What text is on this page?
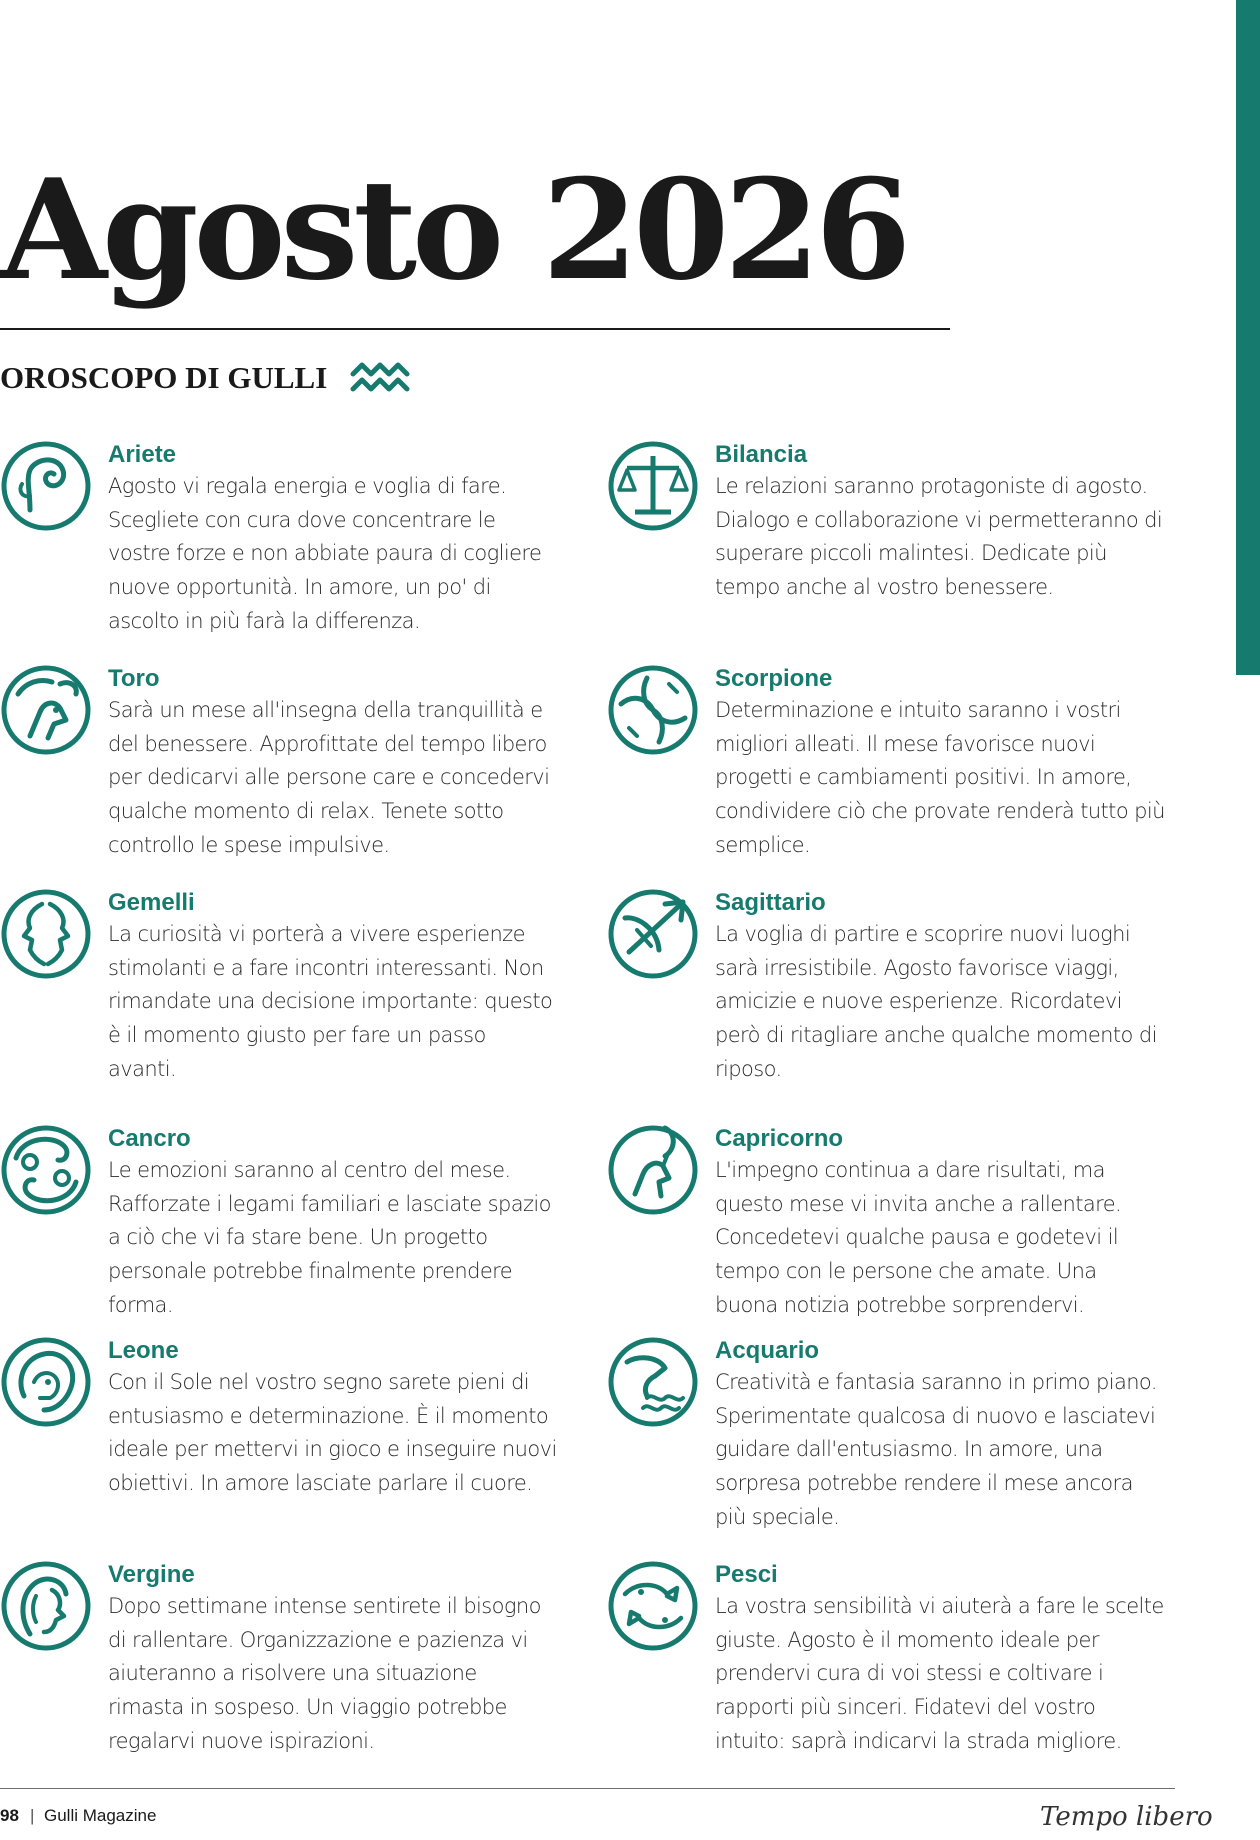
Agosto 2026
OROSCOPO DI GULLI
Ariete

Agosto vi regala energia e voglia di fare. Scegliete con cura dove concentrare le vostre forze e non abbiate paura di cogliere nuove opportunità. In amore, un po' di ascolto in più farà la differenza.

Toro

Sarà un mese all'insegna della tranquillità e del benessere. Approfittate del tempo libero per dedicarvi alle persone care e concedervi qualche momento di relax. Tenete sotto controllo le spese impulsive.

Gemelli

La curiosità vi porterà a vivere esperienze stimolanti e a fare incontri interessanti. Non rimandate una decisione importante: questo è il momento giusto per fare un passo avanti.

Cancro

Le emozioni saranno al centro del mese. Rafforzate i legami familiari e lasciate spazio a ciò che vi fa stare bene. Un progetto personale potrebbe finalmente prendere forma.

Leone

Con il Sole nel vostro segno sarete pieni di entusiasmo e determinazione. È il momento ideale per mettervi in gioco e inseguire nuovi obiettivi. In amore lasciate parlare il cuore.

Vergine

Dopo settimane intense sentirete il bisogno di rallentare. Organizzazione e pazienza vi aiuteranno a risolvere una situazione rimasta in sospeso. Un viaggio potrebbe regalarvi nuove ispirazioni.

Bilancia

Le relazioni saranno protagoniste di agosto. Dialogo e collaborazione vi permetteranno di superare piccoli malintesi. Dedicate più tempo anche al vostro benessere.

Scorpione

Determinazione e intuito saranno i vostri migliori alleati. Il mese favorisce nuovi progetti e cambiamenti positivi. In amore, condividere ciò che provate renderà tutto più semplice.

Sagittario

La voglia di partire e scoprire nuovi luoghi sarà irresistibile. Agosto favorisce viaggi, amicizie e nuove esperienze. Ricordatevi però di ritagliare anche qualche momento di riposo.

Capricorno

L'impegno continua a dare risultati, ma questo mese vi invita anche a rallentare. Concedetevi qualche pausa e godetevi il tempo con le persone che amate. Una buona notizia potrebbe sorprendervi.

Acquario

Creatività e fantasia saranno in primo piano. Sperimentate qualcosa di nuovo e lasciatevi guidare dall'entusiasmo. In amore, una sorpresa potrebbe rendere il mese ancora più speciale.

Pesci

La vostra sensibilità vi aiuterà a fare le scelte giuste. Agosto è il momento ideale per prendervi cura di voi stessi e coltivare i rapporti più sinceri. Fidatevi del vostro intuito: saprà indicarvi la strada migliore.

98 | Gulli Magazine	Tempo libero
